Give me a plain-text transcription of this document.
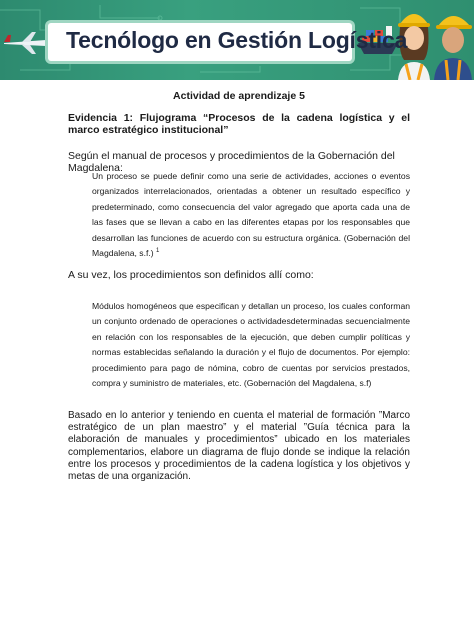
Tecnólogo en Gestión Logística
Actividad de aprendizaje 5
Evidencia 1: Flujograma “Procesos de la cadena logística y el marco estratégico institucional”
Según el manual de procesos y procedimientos de la Gobernación del Magdalena:
Un proceso se puede definir como una serie de actividades, acciones o eventos organizados interrelacionados, orientadas a obtener un resultado específico y predeterminado, como consecuencia del valor agregado que aporta cada una de las fases que se llevan a cabo en las diferentes etapas por los responsables que desarrollan las funciones de acuerdo con su estructura orgánica. (Gobernación del Magdalena, s.f.) $^1$
A su vez, los procedimientos son definidos allí como:
Módulos homogéneos que especifican y detallan un proceso, los cuales conforman un conjunto ordenado de operaciones o actividadesdeterminadas secuencialmente en relación con los responsables de la ejecución, que deben cumplir políticas y normas establecidas señalando la duración y el flujo de documentos. Por ejemplo: procedimiento para pago de nómina, cobro de cuentas por servicios prestados, compra y suministro de materiales, etc. (Gobernación del Magdalena, s.f)
Basado en lo anterior y teniendo en cuenta el material de formación ”Marco estratégico de un plan maestro” y el material ”Guía técnica para la elaboración de manuales y procedimientos” ubicado en los materiales complementarios, elabore un diagrama de flujo donde se indique la relación entre los procesos y procedimientos de la cadena logística y los objetivos y metas de una organización.
